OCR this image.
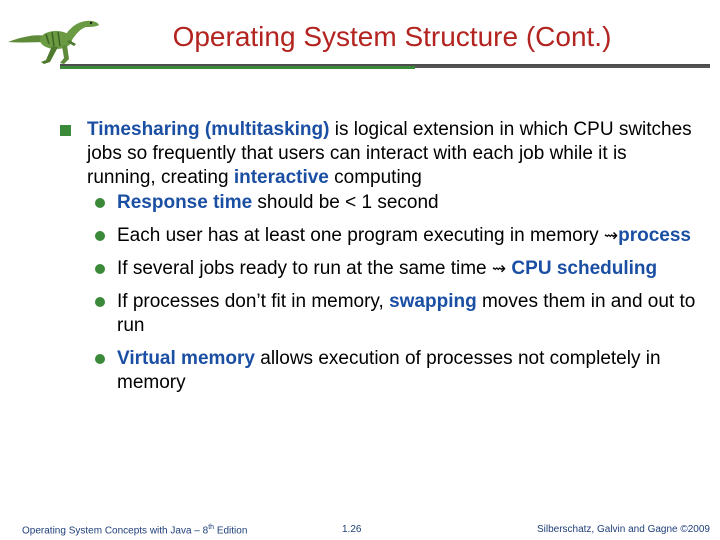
Operating System Structure (Cont.)
Timesharing (multitasking) is logical extension in which CPU switches jobs so frequently that users can interact with each job while it is running, creating interactive computing
Response time should be < 1 second
Each user has at least one program executing in memory ⇝process
If several jobs ready to run at the same time ⇝ CPU scheduling
If processes don’t fit in memory, swapping moves them in and out to run
Virtual memory allows execution of processes not completely in memory
Operating System Concepts with Java – 8th Edition	1.26	Silberschatz, Galvin and Gagne ©2009
